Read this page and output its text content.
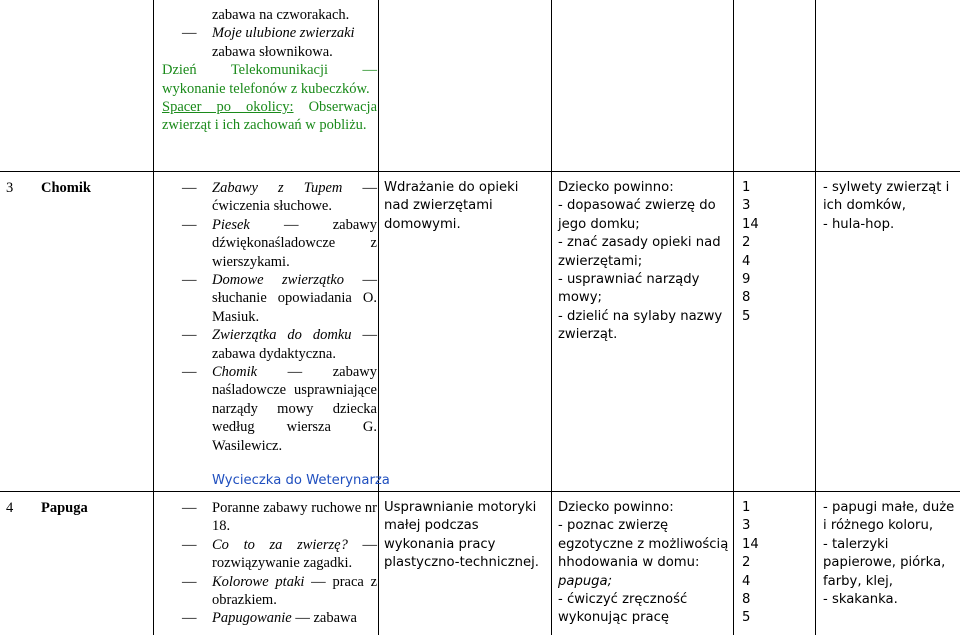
zabawa na czworakach.
— Moje ulubione zwierzaki
zabawa słownikowa.
Dzień Telekomunikacji — wykonanie telefonów z kubeczków.
Spacer po okolicy: Obserwacja zwierząt i ich zachowań w pobliżu.
3 Chomik	— Zabawy z Tupem — ćwiczenia słuchowe.
— Piesek — zabawy dźwiękonaśladowcze z wierszykami.
— Domowe zwierzątko — słuchanie opowiadania O. Masiuk.
— Zwierzątka do domku — zabawa dydaktyczna.
— Chomik — zabawy naśladowcze usprawniające narządy mowy dziecka według wiersza G. Wasilewicz.
Wycieczka do Weterynarza
Wdrażanie do opieki nad zwierzętami domowymi.
Dziecko powinno:
- dopasować zwierzę do jego domku;
- znać zasady opieki nad zwierzętami;
- usprawniać narządy mowy;
- dzielić na sylaby nazwy zwierząt.
1
3
14
2
4
9
8
5
- sylwety zwierząt i ich domków,
- hula-hop.
4 Papuga	— Poranne zabawy ruchowe nr 18.
— Co to za zwierzę? — rozwiązywanie zagadki.
— Kolorowe ptaki — praca z obrazkiem.
— Papugowanie — zabawa
Usprawnianie motoryki małej podczas wykonania pracy plastyczno-technicznej.
Dziecko powinno:
- poznac zwierzę egzotyczne z możliwością hhodowania w domu:
papuga;
- ćwiczyć zręczność wykonując pracę
1
3
14
2
4
8
5
- papugi małe, duże i różnego koloru,
- talerzyki papierowe, piórka, farby, klej,
- skakanka.
